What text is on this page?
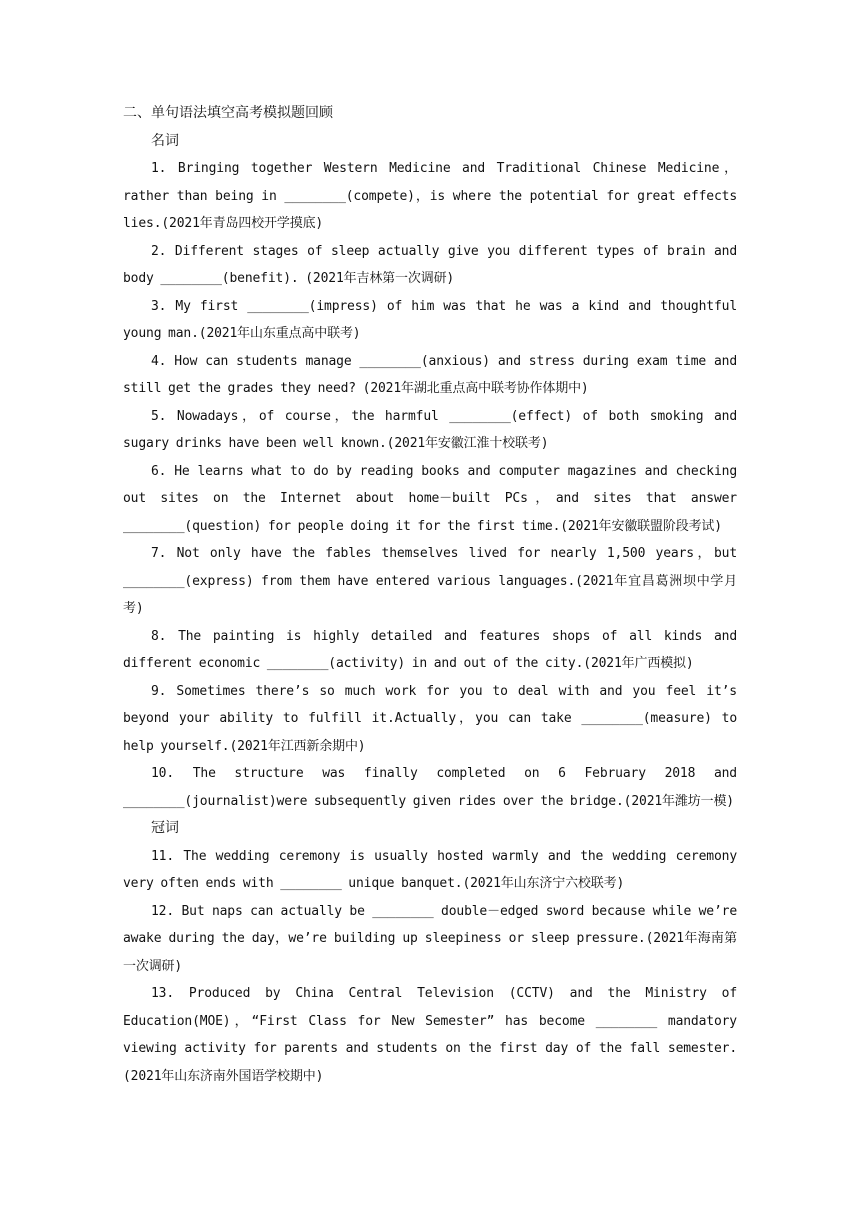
二、单句语法填空高考模拟题回顾

名词

1. Bringing together Western Medicine and Traditional Chinese Medicine，rather than being in ________(compete)，is where the potential for great effects lies.(2021年青岛四校开学摸底)

2. Different stages of sleep actually give you different types of brain and body ________(benefit). (2021年吉林第一次调研)

3. My first ________(impress) of him was that he was a kind and thoughtful young man.(2021年山东重点高中联考)

4. How can students manage ________(anxious) and stress during exam time and still get the grades they need? (2021年湖北重点高中联考协作体期中)

5. Nowadays，of course，the harmful ________(effect) of both smoking and sugary drinks have been well known.(2021年安徽江淮十校联考)

6. He learns what to do by reading books and computer magazines and checking out sites on the Internet about home－built PCs，and sites that answer ________(question) for people doing it for the first time.(2021年安徽联盟阶段考试)

7. Not only have the fables themselves lived for nearly 1,500 years，but ________(express) from them have entered various languages.(2021年宜昌葛洲坝中学月考)

8. The painting is highly detailed and features shops of all kinds and different economic ________(activity) in and out of the city.(2021年广西模拟)

9. Sometimes there’s so much work for you to deal with and you feel it’s beyond your ability to fulfill it.Actually，you can take ________(measure) to help yourself.(2021年江西新余期中)

10. The structure was finally completed on 6 February 2018 and ________(journalist)were subsequently given rides over the bridge.(2021年潍坊一模)

冠词

11. The wedding ceremony is usually hosted warmly and the wedding ceremony very often ends with ________ unique banquet.(2021年山东济宁六校联考)

12. But naps can actually be ________ double－edged sword because while we’re awake during the day，we’re building up sleepiness or sleep pressure.(2021年海南第一次调研)

13. Produced by China Central Television (CCTV) and the Ministry of Education(MOE)，“First Class for New Semester” has become ________ mandatory viewing activity for parents and students on the first day of the fall semester.(2021年山东济南外国语学校期中)
